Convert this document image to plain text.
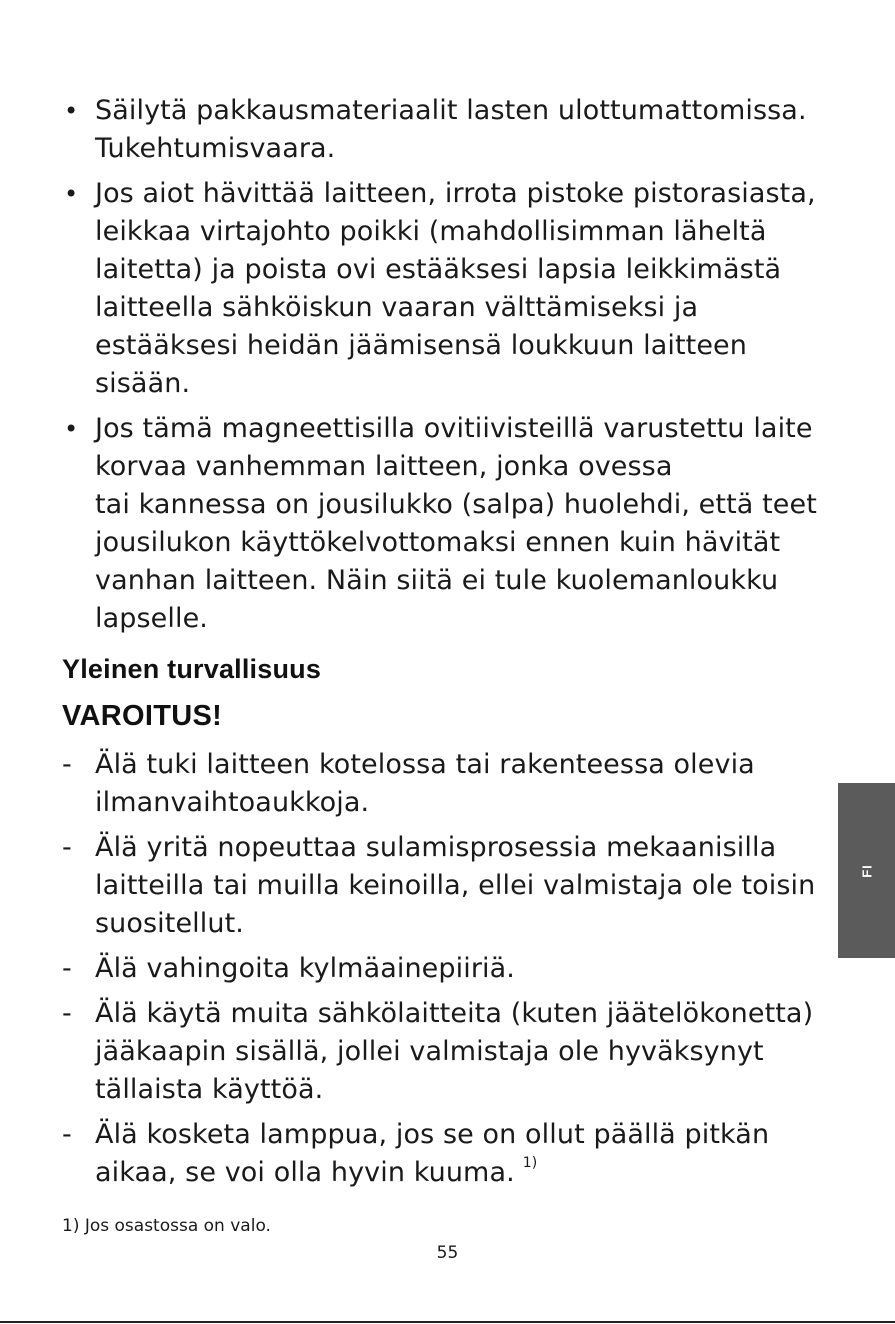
• Säilytä pakkausmateriaalit lasten ulottumattomissa.
Tukehtumisvaara.
• Jos aiot hävittää laitteen, irrota pistoke pistorasiasta,
leikkaa virtajohto poikki (mahdollisimman läheltä
laitetta) ja poista ovi estääksesi lapsia leikkimästä
laitteella sähköiskun vaaran välttämiseksi ja
estääksesi heidän jäämisensä loukkuun laitteen
sisään.
• Jos tämä magneettisilla ovitiivisteillä varustettu laite
korvaa vanhemman laitteen, jonka ovessa
tai kannessa on jousilukko (salpa) huolehdi, että teet
jousilukon käyttökelvottomaksi ennen kuin hävität
vanhan laitteen. Näin siitä ei tule kuolemanloukku
lapselle.
Yleinen turvallisuus
VAROITUS!
- Älä tuki laitteen kotelossa tai rakenteessa olevia
ilmanvaihtoaukkoja.
- Älä yritä nopeuttaa sulamisprosessia mekaanisilla
laitteilla tai muilla keinoilla, ellei valmistaja ole toisin
suositellut.
- Älä vahingoita kylmäainepiiriä.
- Älä käytä muita sähkölaitteita (kuten jäätelökonetta)
jääkaapin sisällä, jollei valmistaja ole hyväksynyt
tällaista käyttöä.
- Älä kosketa lamppua, jos se on ollut päällä pitkän
aikaa, se voi olla hyvin kuuma. $^{1)}$

1) Jos osastossa on valo.

55

FI
